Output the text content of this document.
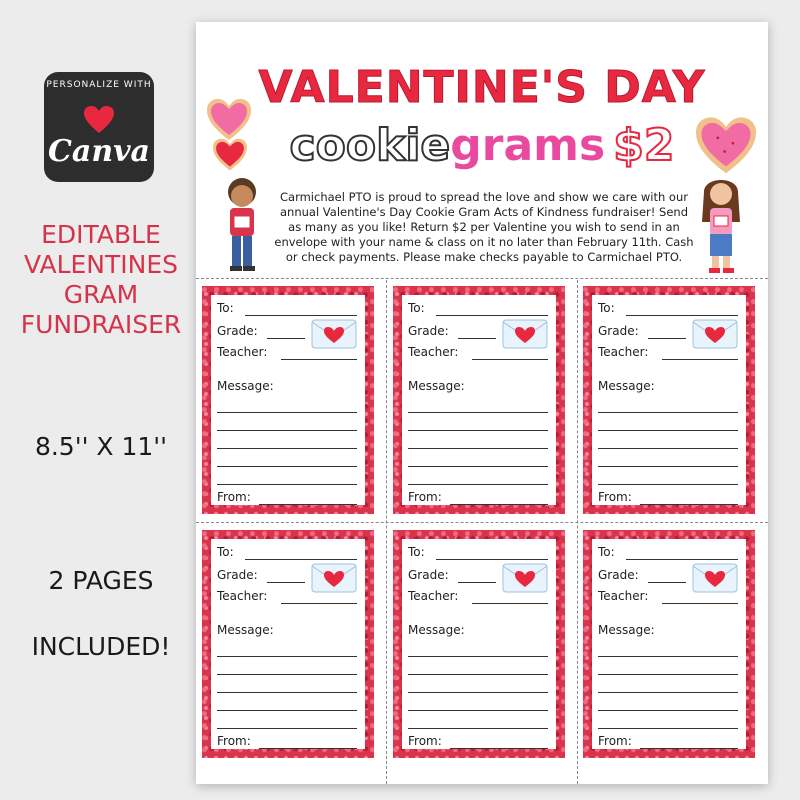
PERSONALIZE WITH
Canva
EDITABLE
VALENTINES
GRAM
FUNDRAISER
8.5'' X 11''
2 PAGES
INCLUDED!
VALENTINE'S DAY
cookiegrams $2
Carmichael PTO is proud to spread the love and show we care with our annual Valentine's Day Cookie Gram Acts of Kindness fundraiser! Send as many as you like! Return $2 per Valentine you wish to send in an envelope with your name & class on it no later than February 11th. Cash or check payments. Please make checks payable to Carmichael PTO.
To:
Grade:
Teacher:
Message:
From:
To:
Grade:
Teacher:
Message:
From:
To:
Grade:
Teacher:
Message:
From:
To:
Grade:
Teacher:
Message:
From:
To:
Grade:
Teacher:
Message:
From:
To:
Grade:
Teacher:
Message:
From:
